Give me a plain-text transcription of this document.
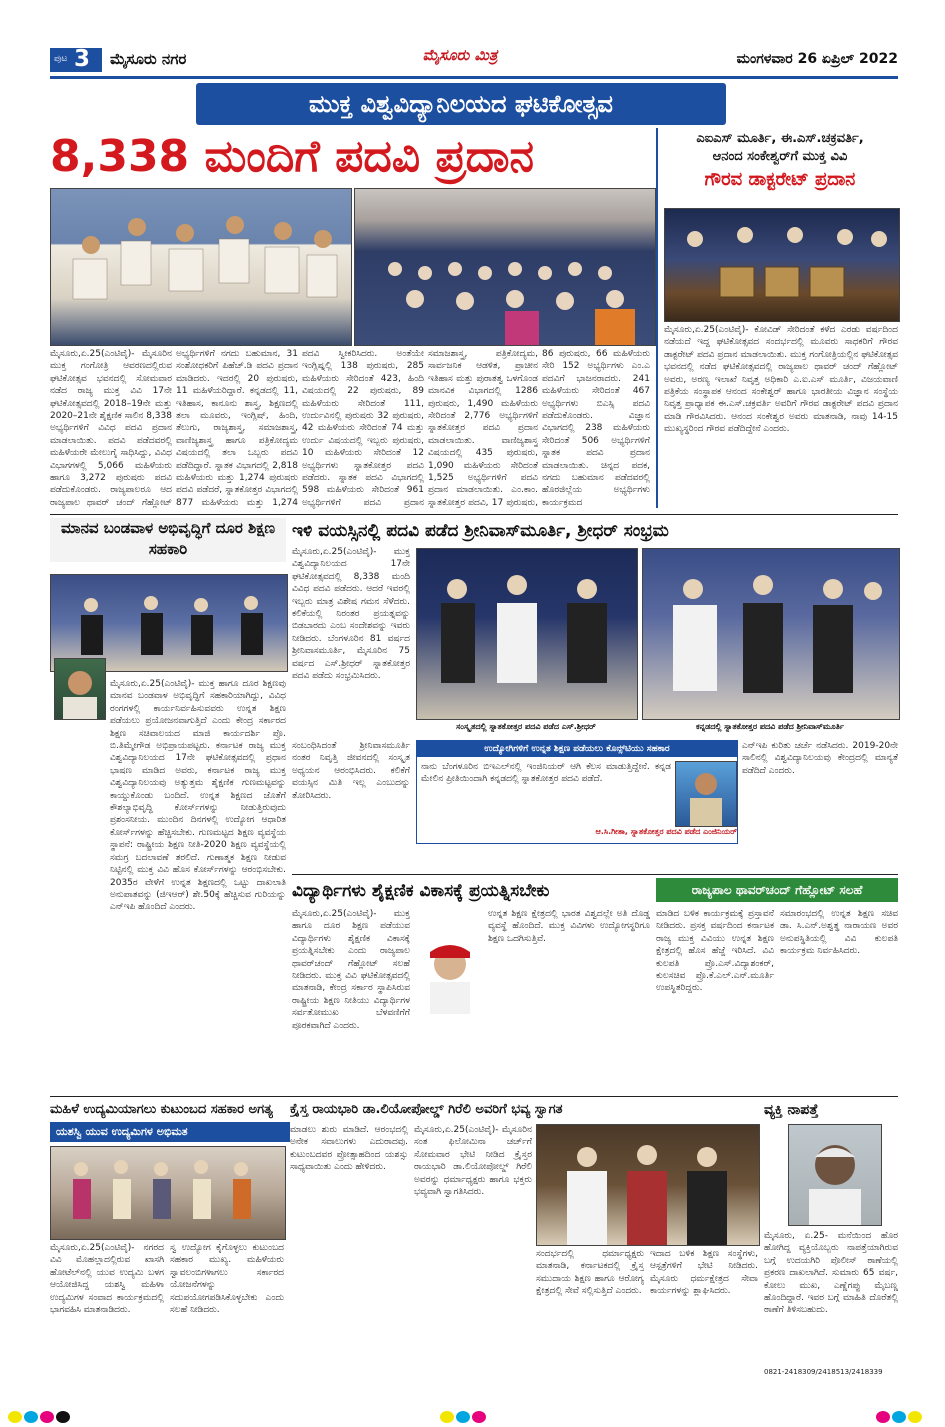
ಪುಟ 3 ಮೈಸೂರು ನಗರ	ಮೈಸೂರು ಮಿತ್ರ	ಮಂಗಳವಾರ 26 ಏಪ್ರಿಲ್ 2022
ಮುಕ್ತ ವಿಶ್ವವಿದ್ಯಾನಿಲಯದ ಘಟಿಕೋತ್ಸವ
8,338 ಮಂದಿಗೆ ಪದವಿ ಪ್ರದಾನ
ಮೈಸೂರು,ಏ.25(ಎಂಟಿವೈ)- ಮೈಸೂರಿನ ಮುಕ್ತ ಗಂಗೋತ್ರಿ ಆವರಣದಲ್ಲಿರುವ ಘಟಿಕೋತ್ಸವ ಭವನದಲ್ಲಿ ಸೋಮವಾರ ನಡೆದ ರಾಜ್ಯ ಮುಕ್ತ ವಿವಿ 17ನೇ ಘಟಿಕೋತ್ಸವದಲ್ಲಿ 2018–19ನೇ ಮತ್ತು 2020–21ನೇ ಶೈಕ್ಷಣಿಕ ಸಾಲಿನ 8,338 ಅಭ್ಯರ್ಥಿಗಳಿಗೆ ವಿವಿಧ ಪದವಿ ಪ್ರದಾನ ಮಾಡಲಾಯಿತು. ಪದವಿ ಪಡೆದವರಲ್ಲಿ ಮಹಿಳೆಯರೇ ಮೇಲುಗೈ ಸಾಧಿಸಿದ್ದು, ವಿವಿಧ ವಿಭಾಗಗಳಲ್ಲಿ 5,066 ಮಹಿಳೆಯರು ಹಾಗೂ 3,272 ಪುರುಷರು ಪದವಿ ಪಡೆದುಕೊಂಡರು. ರಾಜ್ಯಪಾಲರೂ ಆದ ರಾಜ್ಯಪಾಲ ಥಾವರ್ ಚಂದ್ ಗೆಹ್ಲೋಟ್
ಅಭ್ಯರ್ಥಿಗಳಿಗೆ ನಗದು ಬಹುಮಾನ, 31 ಸಂಶೋಧಕರಿಗೆ ಪಿಹೆಚ್.ಡಿ ಪದವಿ ಪ್ರದಾನ ಮಾಡಿದರು. ಇದರಲ್ಲಿ 20 ಪುರುಷರು, 11 ಮಹಿಳೆಯರಿದ್ದಾರೆ. ಕನ್ನಡದಲ್ಲಿ 11, ಇತಿಹಾಸ, ಕಾನೂನು ಶಾಸ್ತ್ರ, ಶಿಕ್ಷಣದಲ್ಲಿ ತಲಾ ಮೂವರು, ಇಂಗ್ಲಿಷ್, ಹಿಂದಿ, ತೆಲುಗು, ರಾಜ್ಯಶಾಸ್ತ್ರ, ಸಮಾಜಶಾಸ್ತ್ರ, ವಾಣಿಜ್ಯಶಾಸ್ತ್ರ ಹಾಗೂ ಪತ್ರಿಕೋದ್ಯಮ ವಿಷಯದಲ್ಲಿ ತಲಾ ಒಬ್ಬರು ಪದವಿ ಪಡೆದಿದ್ದಾರೆ. ಸ್ನಾತಕ ವಿಭಾಗದಲ್ಲಿ 2,818 ಮಹಿಳೆಯರು ಮತ್ತು 1,274 ಪುರುಷರು ಪದವಿ ಪಡೆದರೆ, ಸ್ನಾತಕೋತ್ತರ ವಿಭಾಗದಲ್ಲಿ 877 ಮಹಿಳೆಯರು ಮತ್ತು 1,274
ಪದವಿ ಸ್ವೀಕರಿಸಿದರು. ಅಂತೆಯೇ ಇಂಗ್ಲಿಷ್ನಲ್ಲಿ 138 ಪುರುಷರು, 285 ಮಹಿಳೆಯರು ಸೇರಿದಂತೆ 423, ಹಿಂದಿ ವಿಷಯದಲ್ಲಿ 22 ಪುರುಷರು, 89 ಮಹಿಳೆಯರು ಸೇರಿದಂತೆ 111, ಉರ್ದುವಿನಲ್ಲಿ ಪುರುಷರು 32 ಪುರುಷರು, 42 ಮಹಿಳೆಯರು ಸೇರಿದಂತೆ 74 ಮತ್ತು ಉರ್ದು ವಿಷಯದಲ್ಲಿ ಇಬ್ಬರು ಪುರುಷರು, 10 ಮಹಿಳೆಯರು ಸೇರಿದಂತೆ 12 ಅಭ್ಯರ್ಥಿಗಳು ಸ್ನಾತಕೋತ್ತರ ಪದವಿ ಪಡೆದರು. ಸ್ನಾತಕ ಪದವಿ ವಿಭಾಗದಲ್ಲಿ 598 ಮಹಿಳೆಯರು ಸೇರಿದಂತೆ 961 ಅಭ್ಯರ್ಥಿಗಳಿಗೆ ಪದವಿ ಪ್ರದಾನ
ಸಮಾಜಶಾಸ್ತ್ರ, ಪತ್ರಿಕೋದ್ಯಮ, ಸಾರ್ವಜನಿಕ ಆಡಳಿತ, ಪ್ರಾಚೀನ ಇತಿಹಾಸ ಮತ್ತು ಪುರಾತತ್ವ ಒಳಗೊಂಡ ಮಾನವಿಕ ವಿಭಾಗದಲ್ಲಿ 1286 ಪುರುಷರು, 1,490 ಮಹಿಳೆಯರು ಸೇರಿದಂತೆ 2,776 ಅಭ್ಯರ್ಥಿಗಳಿಗೆ ಸ್ನಾತಕೋತ್ತರ ಪದವಿ ಪ್ರದಾನ ಮಾಡಲಾಯಿತು. ವಾಣಿಜ್ಯಶಾಸ್ತ್ರ ವಿಷಯದಲ್ಲಿ 435 ಪುರುಷರು, 1,090 ಮಹಿಳೆಯರು ಸೇರಿದಂತೆ 1,525 ಅಭ್ಯರ್ಥಿಗಳಿಗೆ ಪದವಿ ಪ್ರದಾನ ಮಾಡಲಾಯಿತು. ಎಂ.ಕಾಂ. ಸ್ನಾತಕೋತ್ತರ ಪದವಿ, 17 ಪುರುಷರು,
86 ಪುರುಷರು, 66 ಮಹಿಳೆಯರು ಸೇರಿ 152 ಅಭ್ಯರ್ಥಿಗಳು ಎಂ.ಎ ಪದವಿಗೆ ಭಾಜನರಾದರು. 241 ಮಹಿಳೆಯರು ಸೇರಿದಂತೆ 467 ಅಭ್ಯರ್ಥಿಗಳು ಬಿಎಸ್ಸಿ ಪದವಿ ಪಡೆದುಕೊಂಡರು. ವಿಜ್ಞಾನ ವಿಭಾಗದಲ್ಲಿ 238 ಮಹಿಳೆಯರು ಸೇರಿದಂತೆ 506 ಅಭ್ಯರ್ಥಿಗಳಿಗೆ ಸ್ನಾತಕ ಪದವಿ ಪ್ರದಾನ ಮಾಡಲಾಯಿತು. ಚಿನ್ನದ ಪದಕ, ನಗದು ಬಹುಮಾನ ಪಡೆದವರಲ್ಲಿ ಹೊರಜಿಲ್ಲೆಯ ಅಭ್ಯರ್ಥಿಗಳು ಕಾರ್ಯಕ್ರಮದ
ಎಐಎಸ್ ಮೂರ್ತಿ, ಈ.ಎಸ್.ಚಕ್ರವರ್ತಿ,
ಆನಂದ ಸಂಕೇಶ್ವರ್‌ಗೆ ಮುಕ್ತ ವಿವಿ
ಗೌರವ ಡಾಕ್ಟರೇಟ್ ಪ್ರದಾನ
ಮೈಸೂರು,ಏ.25(ಎಂಟಿವೈ)- ಕೋವಿಡ್ ಸೇರಿದಂತೆ ಕಳೆದ ಎರಡು ವರ್ಷದಿಂದ ನಡೆಯದೆ ಇದ್ದ ಘಟಿಕೋತ್ಸವದ ಸಂದರ್ಭದಲ್ಲಿ ಮೂವರು ಸಾಧಕರಿಗೆ ಗೌರವ ಡಾಕ್ಟರೇಟ್ ಪದವಿ ಪ್ರದಾನ ಮಾಡಲಾಯಿತು. ಮುಕ್ತ ಗಂಗೋತ್ರಿಯಲ್ಲಿನ ಘಟಿಕೋತ್ಸವ ಭವನದಲ್ಲಿ ನಡೆದ ಘಟಿಕೋತ್ಸವದಲ್ಲಿ ರಾಜ್ಯಪಾಲ ಥಾವರ್ ಚಂದ್ ಗೆಹ್ಲೋಟ್ ಅವರು, ಅರಣ್ಯ ಇಲಾಖೆ ನಿವೃತ್ತ ಅಧಿಕಾರಿ ಎ.ಐ.ಎಸ್ ಮೂರ್ತಿ, ವಿಜಯವಾಣಿ ಪತ್ರಿಕೆಯ ಸಂಸ್ಥಾಪಕ ಆನಂದ ಸಂಕೇಶ್ವರ್ ಹಾಗೂ ಭಾರತೀಯ ವಿಜ್ಞಾನ ಸಂಸ್ಥೆಯ ನಿವೃತ್ತ ಪ್ರಾಧ್ಯಾಪಕ ಈ.ಎಸ್.ಚಕ್ರವರ್ತಿ ಅವರಿಗೆ ಗೌರವ ಡಾಕ್ಟರೇಟ್ ಪದವಿ ಪ್ರದಾನ ಮಾಡಿ ಗೌರವಿಸಿದರು. ಆನಂದ ಸಂಕೇಶ್ವರ ಅವರು ಮಾತನಾಡಿ, ನಾವು 14-15 ಮುಖ್ಯಸ್ಥರಿಂದ ಗೌರವ ಪಡೆದಿದ್ದೇನೆ ಎಂದರು.
ಮಾನವ ಬಂಡವಾಳ ಅಭಿವೃದ್ಧಿಗೆ ದೂರ ಶಿಕ್ಷಣ ಸಹಕಾರಿ
ಮೈಸೂರು,ಏ.25(ಎಂಟಿವೈ)- ಮುಕ್ತ ಹಾಗೂ ದೂರ ಶಿಕ್ಷಣವು ಮಾನವ ಬಂಡವಾಳ ಅಭಿವೃದ್ಧಿಗೆ ಸಹಕಾರಿಯಾಗಿದ್ದು, ವಿವಿಧ ರಂಗಗಳಲ್ಲಿ ಕಾರ್ಯನಿರ್ವಹಿಸುವವರು ಉನ್ನತ ಶಿಕ್ಷಣ ಪಡೆಯಲು ಪ್ರಯೋಜನವಾಗುತ್ತಿದೆ ಎಂದು ಕೇಂದ್ರ ಸರ್ಕಾರದ ಶಿಕ್ಷಣ ಸಚಿವಾಲಯದ ಮಾಜಿ ಕಾರ್ಯದರ್ಶಿ ಪ್ರೊ. ಬಿ.ತಿಮ್ಮೇಗೌಡ ಅಭಿಪ್ರಾಯಪಟ್ಟರು. ಕರ್ನಾಟಕ ರಾಜ್ಯ ಮುಕ್ತ ವಿಶ್ವವಿದ್ಯಾನಿಲಯದ 17ನೇ ಘಟಿಕೋತ್ಸವದಲ್ಲಿ ಪ್ರಧಾನ ಭಾಷಣ ಮಾಡಿದ ಅವರು, ಕರ್ನಾಟಕ ರಾಜ್ಯ ಮುಕ್ತ ವಿಶ್ವವಿದ್ಯಾನಿಲಯವು ಅತ್ಯುತ್ತಮ ಶೈಕ್ಷಣಿಕ ಗುಣಮಟ್ಟವನ್ನು ಕಾಯ್ದುಕೊಂಡು ಬಂದಿದೆ. ಉನ್ನತ ಶಿಕ್ಷಣದ ಜೊತೆಗೆ ಕೌಶಲ್ಯಾಭಿವೃದ್ಧಿ ಕೋರ್ಸ್‌ಗಳನ್ನು ನೀಡುತ್ತಿರುವುದು ಪ್ರಶಂಸನೀಯ. ಮುಂದಿನ ದಿನಗಳಲ್ಲಿ ಉದ್ಯೋಗ ಆಧಾರಿತ ಕೋರ್ಸ್‌ಗಳನ್ನು ಹೆಚ್ಚಿಸಬೇಕು. ಗುಣಮಟ್ಟದ ಶಿಕ್ಷಣ ವ್ಯವಸ್ಥೆಯ ಸ್ಥಾಪನೆ: ರಾಷ್ಟ್ರೀಯ ಶಿಕ್ಷಣ ನೀತಿ-2020 ಶಿಕ್ಷಣ ವ್ಯವಸ್ಥೆಯಲ್ಲಿ ಸಮಗ್ರ ಬದಲಾವಣೆ ತರಲಿದೆ. ಗುಣಾತ್ಮಕ ಶಿಕ್ಷಣ ನೀಡುವ ನಿಟ್ಟಿನಲ್ಲಿ ಮುಕ್ತ ವಿವಿ ಹೊಸ ಕೋರ್ಸ್‌ಗಳನ್ನು ಆರಂಭಿಸಬೇಕು. 2035ರ ವೇಳೆಗೆ ಉನ್ನತ ಶಿಕ್ಷಣದಲ್ಲಿ ಒಟ್ಟು ದಾಖಲಾತಿ ಅನುಪಾತವನ್ನು (ಜಿಇಆರ್) ಶೇ.50ಕ್ಕೆ ಹೆಚ್ಚಿಸುವ ಗುರಿಯನ್ನು ಎನ್‌ಇಪಿ ಹೊಂದಿದೆ ಎಂದರು.
ಇಳಿ ವಯಸ್ಸಿನಲ್ಲಿ ಪದವಿ ಪಡೆದ ಶ್ರೀನಿವಾಸ್‌ಮೂರ್ತಿ, ಶ್ರೀಧರ್ ಸಂಭ್ರಮ
ಮೈಸೂರು,ಏ.25(ಎಂಟಿವೈ)- ಮುಕ್ತ ವಿಶ್ವವಿದ್ಯಾನಿಲಯದ 17ನೇ ಘಟಿಕೋತ್ಸವದಲ್ಲಿ 8,338 ಮಂದಿ ವಿವಿಧ ಪದವಿ ಪಡೆದರು. ಆದರೆ ಇವರಲ್ಲಿ ಇಬ್ಬರು ಮಾತ್ರ ವಿಶೇಷ ಗಮನ ಸೆಳೆದರು. ಕಲಿಕೆಯಲ್ಲಿ ನಿರಂತರ ಪ್ರಯತ್ನವನ್ನು ಬಿಡಬಾರದು ಎಂಬ ಸಂದೇಶವನ್ನು ಇವರು ನೀಡಿದರು. ಬೆಂಗಳೂರಿನ 81 ವರ್ಷದ ಶ್ರೀನಿವಾಸಮೂರ್ತಿ, ಮೈಸೂರಿನ 75 ವರ್ಷದ ಎಸ್.ಶ್ರೀಧರ್ ಸ್ನಾತಕೋತ್ತರ ಪದವಿ ಪಡೆದು ಸಂಭ್ರಮಿಸಿದರು.
ಸಂಸ್ಕೃತದಲ್ಲಿ ಸ್ನಾತಕೋತ್ತರ ಪದವಿ ಪಡೆದ ಎಸ್.ಶ್ರೀಧರ್	ಕನ್ನಡದಲ್ಲಿ ಸ್ನಾತಕೋತ್ತರ ಪದವಿ ಪಡೆದ ಶ್ರೀನಿವಾಸ್‌ಮೂರ್ತಿ
ಸಂಬಂಧಿಸಿದಂತೆ ಶ್ರೀನಿವಾಸಮೂರ್ತಿ ನಂತರ ನಿವೃತ್ತಿ ಜೀವನದಲ್ಲಿ ಸಂಸ್ಕೃತ ಅಧ್ಯಯನ ಆರಂಭಿಸಿದರು. ಕಲಿಕೆಗೆ ವಯಸ್ಸಿನ ಮಿತಿ ಇಲ್ಲ ಎಂಬುದನ್ನು ತೋರಿಸಿದರು.
ಉದ್ಯೋಗಿಗಳಿಗೆ ಉನ್ನತ ಶಿಕ್ಷಣ ಪಡೆಯಲು ಕೊನ್ಸ್‌ಟಿಯು ಸಹಕಾರ
ನಾನು ಬೆಂಗಳೂರಿನ ಬಿಇಎಲ್‌ನಲ್ಲಿ ಇಂಜಿನಿಯರ್ ಆಗಿ ಕೆಲಸ ಮಾಡುತ್ತಿದ್ದೇನೆ. ಕನ್ನಡ ಮೇಲಿನ ಪ್ರೀತಿಯಿಂದಾಗಿ ಕನ್ನಡದಲ್ಲಿ ಸ್ನಾತಕೋತ್ತರ ಪದವಿ ಪಡೆದೆ.
ಆ.ಸಿ.ಗೀತಾ, ಸ್ನಾತಕೋತ್ತರ ಪದವಿ ಪಡೆದ ಎಂಜಿನಿಯರ್
ಎನ್ಇಪಿ ಕುರಿತು ಚರ್ಚೆ ನಡೆಸಿದರು. 2019-20ನೇ ಸಾಲಿನಲ್ಲಿ ವಿಶ್ವವಿದ್ಯಾನಿಲಯವು ಕೇಂದ್ರದಲ್ಲಿ ಮಾನ್ಯತೆ ಪಡೆದಿದೆ ಎಂದರು.
ವಿದ್ಯಾರ್ಥಿಗಳು ಶೈಕ್ಷಣಿಕ ವಿಕಾಸಕ್ಕೆ ಪ್ರಯತ್ನಿಸಬೇಕು
ಮೈಸೂರು,ಏ.25(ಎಂಟಿವೈ)- ಮುಕ್ತ ಹಾಗೂ ದೂರ ಶಿಕ್ಷಣ ಪಡೆಯುವ ವಿದ್ಯಾರ್ಥಿಗಳು ಶೈಕ್ಷಣಿಕ ವಿಕಾಸಕ್ಕೆ ಪ್ರಯತ್ನಿಸಬೇಕು ಎಂದು ರಾಜ್ಯಪಾಲ ಥಾವರ್‌ಚಂದ್ ಗೆಹ್ಲೋಟ್ ಸಲಹೆ ನೀಡಿದರು. ಮುಕ್ತ ವಿವಿ ಘಟಿಕೋತ್ಸವದಲ್ಲಿ ಮಾತನಾಡಿ, ಕೇಂದ್ರ ಸರ್ಕಾರ ಸ್ಥಾಪಿಸಿರುವ ರಾಷ್ಟ್ರೀಯ ಶಿಕ್ಷಣ ನೀತಿಯು ವಿದ್ಯಾರ್ಥಿಗಳ ಸರ್ವತೋಮುಖ ಬೆಳವಣಿಗೆಗೆ ಪೂರಕವಾಗಿದೆ ಎಂದರು.
ಉನ್ನತ ಶಿಕ್ಷಣ ಕ್ಷೇತ್ರದಲ್ಲಿ ಭಾರತ ವಿಶ್ವದಲ್ಲೇ ಅತಿ ದೊಡ್ಡ ವ್ಯವಸ್ಥೆ ಹೊಂದಿದೆ. ಮುಕ್ತ ವಿವಿಗಳು ಉದ್ಯೋಗಸ್ಥರಿಗೂ ಶಿಕ್ಷಣ ಒದಗಿಸುತ್ತಿವೆ.
ರಾಜ್ಯಪಾಲ ಥಾವರ್‌ಚಂದ್ ಗೆಹ್ಲೋಟ್ ಸಲಹೆ
ಮಾಡಿದ ಬಳಿಕ ಕಾರ್ಯಕ್ರಮಕ್ಕೆ ಪ್ರಸ್ತಾವನೆ ನೀಡಿದರು. ಪ್ರಸಕ್ತ ವರ್ಷದಿಂದ ಕರ್ನಾಟಕ ರಾಜ್ಯ ಮುಕ್ತ ವಿವಿಯು ಉನ್ನತ ಶಿಕ್ಷಣ ಕ್ಷೇತ್ರದಲ್ಲಿ ಹೊಸ ಹೆಜ್ಜೆ ಇರಿಸಿದೆ. ವಿವಿ ಕುಲಪತಿ ಪ್ರೊ.ಎಸ್.ವಿದ್ಯಾಶಂಕರ್, ಕುಲಸಚಿವ ಪ್ರೊ.ಕೆ.ಎಲ್.ಎನ್.ಮೂರ್ತಿ ಉಪಸ್ಥಿತರಿದ್ದರು.
ಸಮಾರಂಭದಲ್ಲಿ ಉನ್ನತ ಶಿಕ್ಷಣ ಸಚಿವ ಡಾ. ಸಿ.ಎನ್.ಅಶ್ವತ್ಥ ನಾರಾಯಣ ಅವರ ಅನುಪಸ್ಥಿತಿಯಲ್ಲಿ ವಿವಿ ಕುಲಪತಿ ಕಾರ್ಯಕ್ರಮ ನಿರ್ವಹಿಸಿದರು.
ಮಹಿಳೆ ಉದ್ಯಮಿಯಾಗಲು ಕುಟುಂಬದ ಸಹಕಾರ ಅಗತ್ಯ
ಯಶಸ್ವಿ ಯುವ ಉದ್ಯಮಿಗಳ ಅಭಿಮತ
ಮೈಸೂರು,ಏ.25(ಎಂಟಿವೈ)- ನಗರದ ವಿವಿ ಮೊಹಲ್ಲಾದಲ್ಲಿರುವ ಖಾಸಗಿ ಹೋಟೆಲ್‌ನಲ್ಲಿ ಯುವ ಉದ್ಯಮಿ ಬಳಗ ಆಯೋಜಿಸಿದ್ದ ಯಶಸ್ವಿ ಮಹಿಳಾ ಉದ್ಯಮಿಗಳ ಸಂವಾದ ಕಾರ್ಯಕ್ರಮದಲ್ಲಿ ಭಾಗವಹಿಸಿ ಮಾತನಾಡಿದರು.
ಸ್ವ ಉದ್ಯೋಗ ಕೈಗೊಳ್ಳಲು ಕುಟುಂಬದ ಸಹಕಾರ ಮುಖ್ಯ. ಮಹಿಳೆಯರು ಸ್ವಾವಲಂಬಿಗಳಾಗಲು ಸರ್ಕಾರದ ಯೋಜನೆಗಳನ್ನು ಸದುಪಯೋಗಪಡಿಸಿಕೊಳ್ಳಬೇಕು ಎಂದು ಸಲಹೆ ನೀಡಿದರು.
ಮಾಡಲು ಶುರು ಮಾಡಿದೆ. ಆರಂಭದಲ್ಲಿ ಅನೇಕ ಸವಾಲುಗಳು ಎದುರಾದವು. ಕುಟುಂಬದವರ ಪ್ರೋತ್ಸಾಹದಿಂದ ಯಶಸ್ಸು ಸಾಧ್ಯವಾಯಿತು ಎಂದು ಹೇಳಿದರು.
ಕ್ರೈಸ್ತ ರಾಯಭಾರಿ ಡಾ.ಲಿಯೋಪೋಲ್ಡ್ ಗಿರೆಲಿ ಅವರಿಗೆ ಭವ್ಯ ಸ್ವಾಗತ
ಮೈಸೂರು,ಏ.25(ಎಂಟಿವೈ)- ಮೈಸೂರಿನ ಸಂತ ಫಿಲೋಮಿನಾ ಚರ್ಚ್‌ಗೆ ಸೋಮವಾರ ಭೇಟಿ ನೀಡಿದ ಕ್ರೈಸ್ತರ ರಾಯಭಾರಿ ಡಾ.ಲಿಯೋಪೋಲ್ಡ್ ಗಿರೆಲಿ ಅವರನ್ನು ಧರ್ಮಾಧ್ಯಕ್ಷರು ಹಾಗೂ ಭಕ್ತರು ಭವ್ಯವಾಗಿ ಸ್ವಾಗತಿಸಿದರು.
ಸಂದರ್ಭದಲ್ಲಿ ಧರ್ಮಾಧ್ಯಕ್ಷರು ಮಾತನಾಡಿ, ಕರ್ನಾಟಕದಲ್ಲಿ ಕ್ರೈಸ್ತ ಸಮುದಾಯ ಶಿಕ್ಷಣ ಹಾಗೂ ಆರೋಗ್ಯ ಕ್ಷೇತ್ರದಲ್ಲಿ ಸೇವೆ ಸಲ್ಲಿಸುತ್ತಿದೆ ಎಂದರು.
ಇದಾದ ಬಳಿಕ ಶಿಕ್ಷಣ ಸಂಸ್ಥೆಗಳು, ಆಸ್ಪತ್ರೆಗಳಿಗೆ ಭೇಟಿ ನೀಡಿದರು. ಮೈಸೂರು ಧರ್ಮಕ್ಷೇತ್ರದ ಸೇವಾ ಕಾರ್ಯಗಳನ್ನು ಶ್ಲಾಘಿಸಿದರು.
ವ್ಯಕ್ತಿ ನಾಪತ್ತೆ
ಮೈಸೂರು, ಏ.25- ಮನೆಯಿಂದ ಹೊರ ಹೋಗಿದ್ದ ವ್ಯಕ್ತಿಯೊಬ್ಬರು ನಾಪತ್ತೆಯಾಗಿರುವ ಬಗ್ಗೆ ಉದಯಗಿರಿ ಪೊಲೀಸ್ ಠಾಣೆಯಲ್ಲಿ ಪ್ರಕರಣ ದಾಖಲಾಗಿದೆ. ಸುಮಾರು 65 ವರ್ಷ, ಕೋಲು ಮುಖ, ಎಣ್ಣೆಗಪ್ಪು ಮೈಬಣ್ಣ ಹೊಂದಿದ್ದಾರೆ. ಇವರ ಬಗ್ಗೆ ಮಾಹಿತಿ ದೊರೆತಲ್ಲಿ ಠಾಣೆಗೆ ತಿಳಿಸಬಹುದು.
0821-2418309/2418513/2418339
